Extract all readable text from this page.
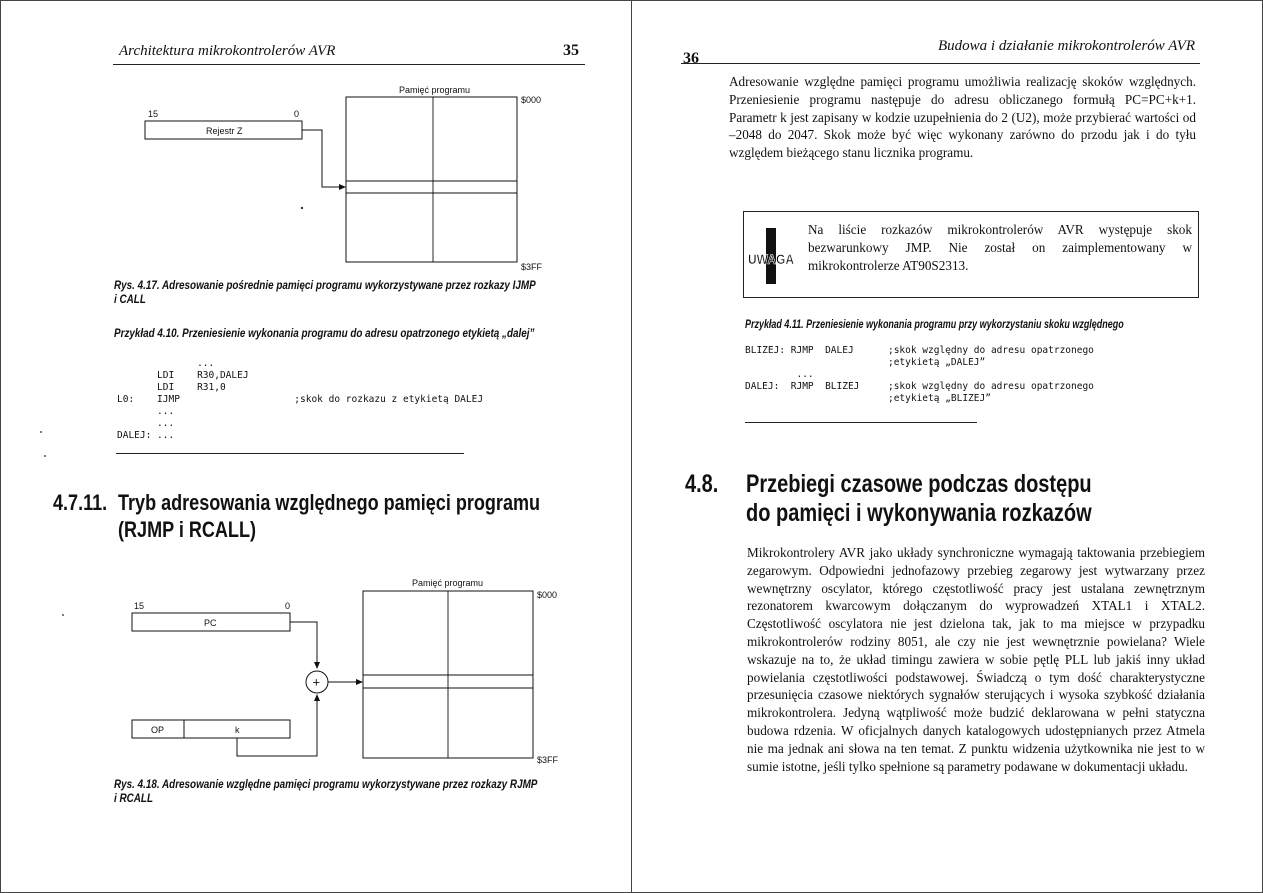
Architektura mikrokontrolerów AVR	35
Pamięć programu
$000
$3FF
15	0
Rejestr Z
Rys. 4.17. Adresowanie pośrednie pamięci programu wykorzystywane przez rozkazy IJMP
i CALL
Przykład 4.10. Przeniesienie wykonania programu do adresu opatrzonego etykietą „dalej”
...
LDI    R30,DALEJ
LDI    R31,0
L0:    IJMP                    ;skok do rozkazu z etykietą DALEJ
...
...
DALEJ: ...
4.7.11. Tryb adresowania względnego pamięci programu
(RJMP i RCALL)
Pamięć programu
$000
$3FF
15	0
PC
+
OP	k
Rys. 4.18. Adresowanie względne pamięci programu wykorzystywane przez rozkazy RJMP
i RCALL
36
Budowa i działanie mikrokontrolerów AVR
Adresowanie względne pamięci programu umożliwia realizację skoków względnych. Przeniesienie programu następuje do adresu obliczanego formułą PC=PC+k+1. Parametr k jest zapisany w kodzie uzupełnienia do 2 (U2), może przybierać wartości od –2048 do 2047. Skok może być więc wykonany zarówno do przodu jak i do tyłu względem bieżącego stanu licznika programu.
UWAGA
Na liście rozkazów mikrokontrolerów AVR występuje skok bezwarunkowy JMP. Nie został on zaimplementowany w mikrokontrolerze AT90S2313.
Przykład 4.11. Przeniesienie wykonania programu przy wykorzystaniu skoku względnego
BLIZEJ: RJMP  DALEJ      ;skok względny do adresu opatrzonego
;etykietą „DALEJ”
...
DALEJ:  RJMP  BLIZEJ     ;skok względny do adresu opatrzonego
;etykietą „BLIZEJ”
4.8. Przebiegi czasowe podczas dostępu
do pamięci i wykonywania rozkazów
Mikrokontrolery AVR jako układy synchroniczne wymagają taktowania przebiegiem zegarowym. Odpowiedni jednofazowy przebieg zegarowy jest wytwarzany przez wewnętrzny oscylator, którego częstotliwość pracy jest ustalana zewnętrznym rezonatorem kwarcowym dołączanym do wyprowadzeń XTAL1 i XTAL2. Częstotliwość oscylatora nie jest dzielona tak, jak to ma miejsce w przypadku mikrokontrolerów rodziny 8051, ale czy nie jest wewnętrznie powielana? Wiele wskazuje na to, że układ timingu zawiera w sobie pętlę PLL lub jakiś inny układ powielania częstotliwości podstawowej. Świadczą o tym dość charakterystyczne przesunięcia czasowe niektórych sygnałów sterujących i wysoka szybkość działania mikrokontrolera. Jedyną wątpliwość może budzić deklarowana w pełni statyczna budowa rdzenia. W oficjalnych danych katalogowych udostępnianych przez Atmela nie ma jednak ani słowa na ten temat. Z punktu widzenia użytkownika nie jest to w sumie istotne, jeśli tylko spełnione są parametry podawane w dokumentacji układu.
